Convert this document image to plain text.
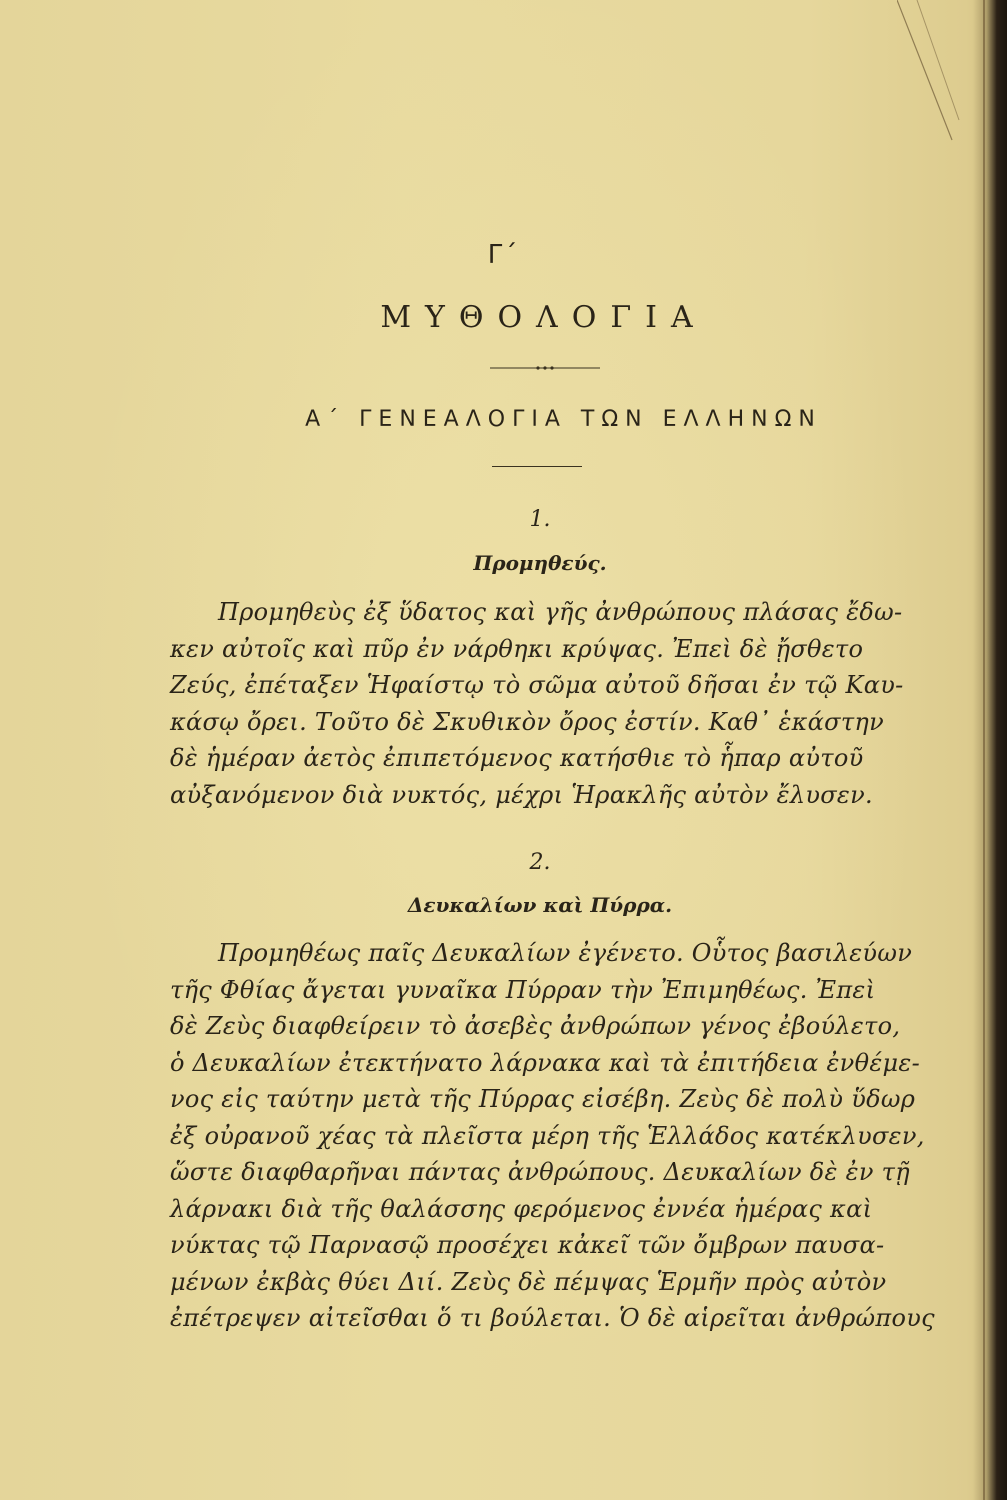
Γ΄
ΜΥΘΟΛΟΓΙΑ
Α΄ ΓΕΝΕΑΛΟΓΙΑ ΤΩΝ ΕΛΛΗΝΩΝ
1.
Προμηθεύς.
Προμηθεὺς ἐξ ὕδατος καὶ γῆς ἀνθρώπους πλάσας ἔδω-
κεν αὐτοῖς καὶ πῦρ ἐν νάρθηκι κρύψας. Ἐπεὶ δὲ ᾔσθετο
Ζεύς, ἐπέταξεν Ἡφαίστῳ τὸ σῶμα αὐτοῦ δῆσαι ἐν τῷ Καυ-
κάσῳ ὄρει. Τοῦτο δὲ Σκυθικὸν ὄρος ἐστίν. Καθ᾽ ἑκάστην
δὲ ἡμέραν ἀετὸς ἐπιπετόμενος κατήσθιε τὸ ἧπαρ αὐτοῦ
αὐξανόμενον διὰ νυκτός, μέχρι Ἡρακλῆς αὐτὸν ἔλυσεν.
2.
Δευκαλίων καὶ Πύρρα.
Προμηθέως παῖς Δευκαλίων ἐγένετο. Οὗτος βασιλεύων
τῆς Φθίας ἄγεται γυναῖκα Πύρραν τὴν Ἐπιμηθέως. Ἐπεὶ
δὲ Ζεὺς διαφθείρειν τὸ ἀσεβὲς ἀνθρώπων γένος ἐβούλετο,
ὁ Δευκαλίων ἐτεκτήνατο λάρνακα καὶ τὰ ἐπιτήδεια ἐνθέμε-
νος εἰς ταύτην μετὰ τῆς Πύρρας εἰσέβη. Ζεὺς δὲ πολὺ ὕδωρ
ἐξ οὐρανοῦ χέας τὰ πλεῖστα μέρη τῆς Ἑλλάδος κατέκλυσεν,
ὥστε διαφθαρῆναι πάντας ἀνθρώπους. Δευκαλίων δὲ ἐν τῇ
λάρνακι διὰ τῆς θαλάσσης φερόμενος ἐννέα ἡμέρας καὶ
νύκτας τῷ Παρνασῷ προσέχει κἀκεῖ τῶν ὄμβρων παυσα-
μένων ἐκβὰς θύει Διί. Ζεὺς δὲ πέμψας Ἑρμῆν πρὸς αὐτὸν
ἐπέτρεψεν αἰτεῖσθαι ὅ τι βούλεται. Ὁ δὲ αἱρεῖται ἀνθρώπους
